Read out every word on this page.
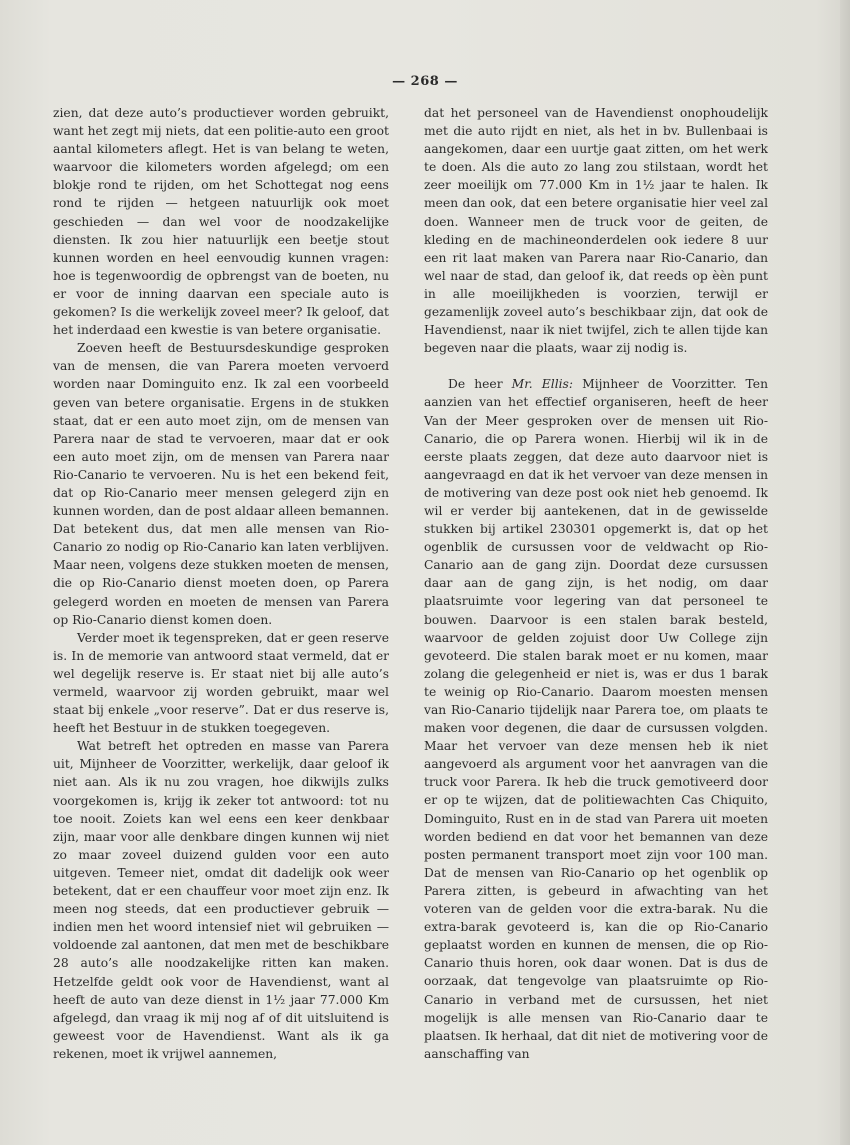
— 268 —

zien, dat deze auto’s productiever worden gebruikt, want het zegt mij niets, dat een politie-auto een groot aantal kilometers aflegt. Het is van belang te weten, waarvoor die kilometers worden afgelegd; om een blokje rond te rijden, om het Schottegat nog eens rond te rijden — hetgeen natuurlijk ook moet geschieden — dan wel voor de noodzakelijke diensten. Ik zou hier natuurlijk een beetje stout kunnen worden en heel eenvoudig kunnen vragen: hoe is tegenwoordig de opbrengst van de boeten, nu er voor de inning daarvan een speciale auto is gekomen? Is die werkelijk zoveel meer? Ik geloof, dat het inderdaad een kwestie is van betere organisatie.

Zoeven heeft de Bestuursdeskundige gesproken van de mensen, die van Parera moeten vervoerd worden naar Dominguito enz. Ik zal een voorbeeld geven van betere organisatie. Ergens in de stukken staat, dat er een auto moet zijn, om de mensen van Parera naar de stad te vervoeren, maar dat er ook een auto moet zijn, om de mensen van Parera naar Rio-Canario te vervoeren. Nu is het een bekend feit, dat op Rio-Canario meer mensen gelegerd zijn en kunnen worden, dan de post aldaar alleen bemannen. Dat betekent dus, dat men alle mensen van Rio-Canario zo nodig op Rio-Canario kan laten verblijven. Maar neen, volgens deze stukken moeten de mensen, die op Rio-Canario dienst moeten doen, op Parera gelegerd worden en moeten de mensen van Parera op Rio-Canario dienst komen doen.

Verder moet ik tegenspreken, dat er geen reserve is. In de memorie van antwoord staat vermeld, dat er wel degelijk reserve is. Er staat niet bij alle auto’s vermeld, waarvoor zij worden gebruikt, maar wel staat bij enkele „voor reserve”. Dat er dus reserve is, heeft het Bestuur in de stukken toegegeven.

Wat betreft het optreden en masse van Parera uit, Mijnheer de Voorzitter, werkelijk, daar geloof ik niet aan. Als ik nu zou vragen, hoe dikwijls zulks voorgekomen is, krijg ik zeker tot antwoord: tot nu toe nooit. Zoiets kan wel eens een keer denkbaar zijn, maar voor alle denkbare dingen kunnen wij niet zo maar zoveel duizend gulden voor een auto uitgeven. Temeer niet, omdat dit dadelijk ook weer betekent, dat er een chauffeur voor moet zijn enz. Ik meen nog steeds, dat een productiever gebruik — indien men het woord intensief niet wil gebruiken — voldoende zal aantonen, dat men met de beschikbare 28 auto’s alle noodzakelijke ritten kan maken. Hetzelfde geldt ook voor de Havendienst, want al heeft de auto van deze dienst in 1½ jaar 77.000 Km afgelegd, dan vraag ik mij nog af of dit uitsluitend is geweest voor de Havendienst. Want als ik ga rekenen, moet ik vrijwel aannemen,

dat het personeel van de Havendienst onophoudelijk met die auto rijdt en niet, als het in bv. Bullenbaai is aangekomen, daar een uurtje gaat zitten, om het werk te doen. Als die auto zo lang zou stilstaan, wordt het zeer moeilijk om 77.000 Km in 1½ jaar te halen. Ik meen dan ook, dat een betere organisatie hier veel zal doen. Wanneer men de truck voor de geiten, de kleding en de machineonderdelen ook iedere 8 uur een rit laat maken van Parera naar Rio-Canario, dan wel naar de stad, dan geloof ik, dat reeds op èèn punt in alle moeilijkheden is voorzien, terwijl er gezamenlijk zoveel auto’s beschikbaar zijn, dat ook de Havendienst, naar ik niet twijfel, zich te allen tijde kan begeven naar die plaats, waar zij nodig is.

De heer Mr. Ellis: Mijnheer de Voorzitter. Ten aanzien van het effectief organiseren, heeft de heer Van der Meer gesproken over de mensen uit Rio-Canario, die op Parera wonen. Hierbij wil ik in de eerste plaats zeggen, dat deze auto daarvoor niet is aangevraagd en dat ik het vervoer van deze mensen in de motivering van deze post ook niet heb genoemd. Ik wil er verder bij aantekenen, dat in de gewisselde stukken bij artikel 230301 opgemerkt is, dat op het ogenblik de cursussen voor de veldwacht op Rio-Canario aan de gang zijn. Doordat deze cursussen daar aan de gang zijn, is het nodig, om daar plaatsruimte voor legering van dat personeel te bouwen. Daarvoor is een stalen barak besteld, waarvoor de gelden zojuist door Uw College zijn gevoteerd. Die stalen barak moet er nu komen, maar zolang die gelegenheid er niet is, was er dus 1 barak te weinig op Rio-Canario. Daarom moesten mensen van Rio-Canario tijdelijk naar Parera toe, om plaats te maken voor degenen, die daar de cursussen volgden. Maar het vervoer van deze mensen heb ik niet aangevoerd als argument voor het aanvragen van die truck voor Parera. Ik heb die truck gemotiveerd door er op te wijzen, dat de politiewachten Cas Chiquito, Dominguito, Rust en in de stad van Parera uit moeten worden bediend en dat voor het bemannen van deze posten permanent transport moet zijn voor 100 man. Dat de mensen van Rio-Canario op het ogenblik op Parera zitten, is gebeurd in afwachting van het voteren van de gelden voor die extra-barak. Nu die extra-barak gevoteerd is, kan die op Rio-Canario geplaatst worden en kunnen de mensen, die op Rio-Canario thuis horen, ook daar wonen. Dat is dus de oorzaak, dat tengevolge van plaatsruimte op Rio-Canario in verband met de cursussen, het niet mogelijk is alle mensen van Rio-Canario daar te plaatsen. Ik herhaal, dat dit niet de motivering voor de aanschaffing van
